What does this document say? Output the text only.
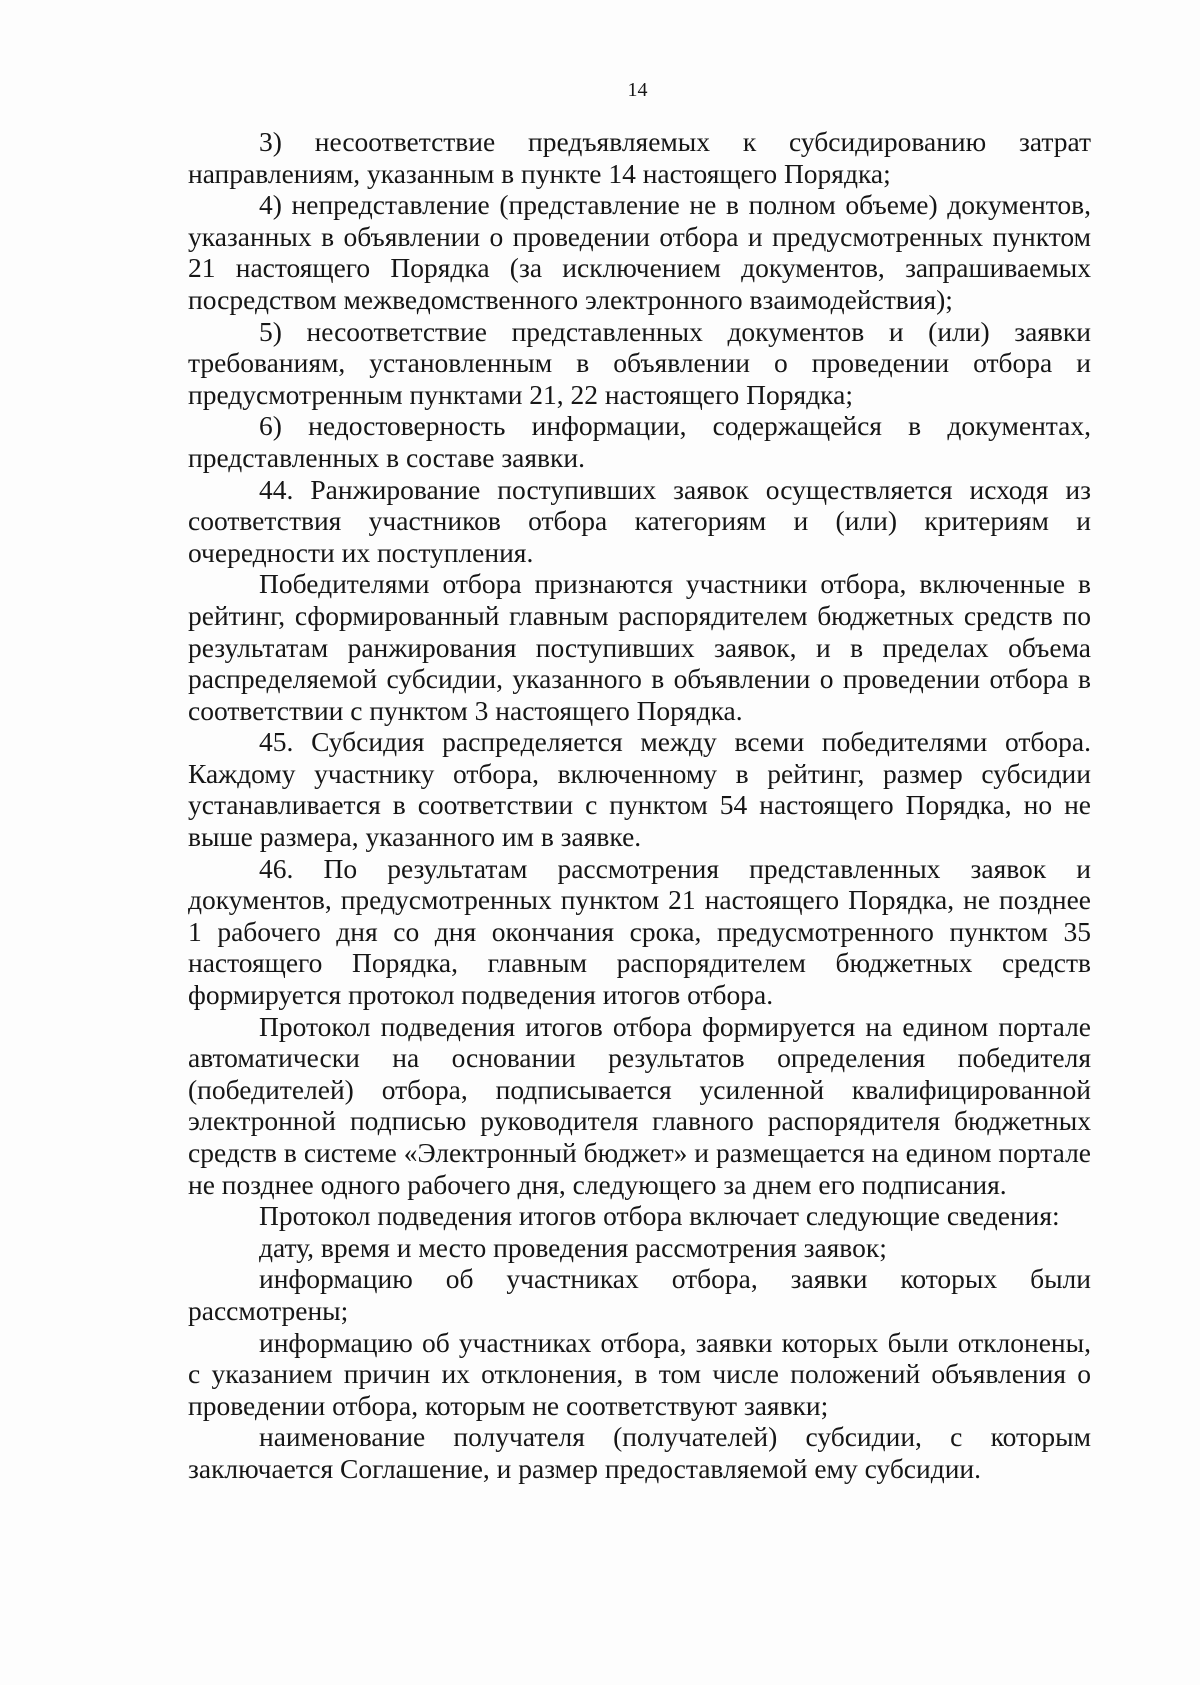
14

3) несоответствие предъявляемых к субсидированию затрат направлениям, указанным в пункте 14 настоящего Порядка;

4) непредставление (представление не в полном объеме) документов, указанных в объявлении о проведении отбора и предусмотренных пунктом 21 настоящего Порядка (за исключением документов, запрашиваемых посредством межведомственного электронного взаимодействия);

5) несоответствие представленных документов и (или) заявки требованиям, установленным в объявлении о проведении отбора и предусмотренным пунктами 21, 22 настоящего Порядка;

6) недостоверность информации, содержащейся в документах, представленных в составе заявки.

44. Ранжирование поступивших заявок осуществляется исходя из соответствия участников отбора категориям и (или) критериям и очередности их поступления.

Победителями отбора признаются участники отбора, включенные в рейтинг, сформированный главным распорядителем бюджетных средств по результатам ранжирования поступивших заявок, и в пределах объема распределяемой субсидии, указанного в объявлении о проведении отбора в соответствии с пунктом 3 настоящего Порядка.

45. Субсидия распределяется между всеми победителями отбора. Каждому участнику отбора, включенному в рейтинг, размер субсидии устанавливается в соответствии с пунктом 54 настоящего Порядка, но не выше размера, указанного им в заявке.

46. По результатам рассмотрения представленных заявок и документов, предусмотренных пунктом 21 настоящего Порядка, не позднее 1 рабочего дня со дня окончания срока, предусмотренного пунктом 35 настоящего Порядка, главным распорядителем бюджетных средств формируется протокол подведения итогов отбора.

Протокол подведения итогов отбора формируется на едином портале автоматически на основании результатов определения победителя (победителей) отбора, подписывается усиленной квалифицированной электронной подписью руководителя главного распорядителя бюджетных средств в системе «Электронный бюджет» и размещается на едином портале не позднее одного рабочего дня, следующего за днем его подписания.

Протокол подведения итогов отбора включает следующие сведения:

дату, время и место проведения рассмотрения заявок;

информацию об участниках отбора, заявки которых были рассмотрены;

информацию об участниках отбора, заявки которых были отклонены, с указанием причин их отклонения, в том числе положений объявления о проведении отбора, которым не соответствуют заявки;

наименование получателя (получателей) субсидии, с которым заключается Соглашение, и размер предоставляемой ему субсидии.
